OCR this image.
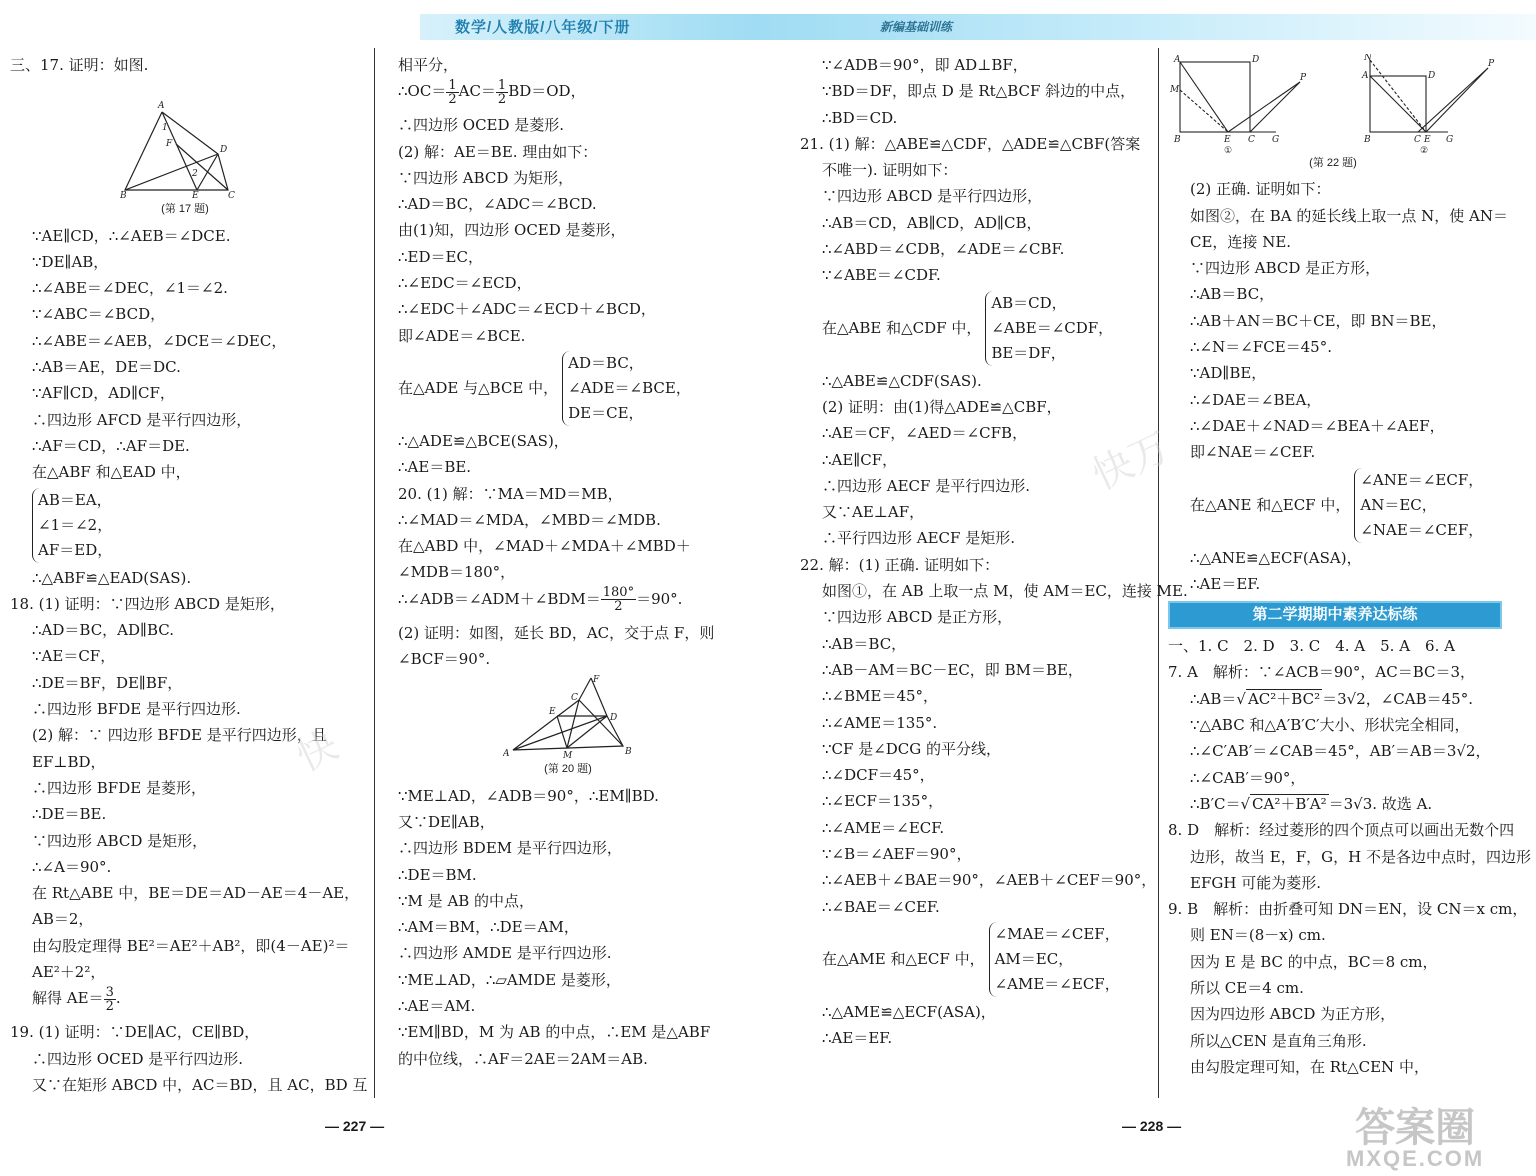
数学/人教版/八年级/下册	新编基础训练
三、17. 证明：如图.
A
1
F
D
2
B	E	C
(第 17 题)
∵AE∥CD，∴∠AEB＝∠DCE.
∵DE∥AB，
∴∠ABE＝∠DEC，∠1＝∠2.
∵∠ABC＝∠BCD，
∴∠ABE＝∠AEB，∠DCE＝∠DEC，
∴AB＝AE，DE＝DC.
∵AF∥CD，AD∥CF，
∴四边形 AFCD 是平行四边形，
∴AF＝CD，∴AF＝DE.
在△ABF 和△EAD 中，
AB＝EA，
∠1＝∠2，
AF＝ED，
∴△ABF≌△EAD(SAS).
18. (1) 证明：∵四边形 ABCD 是矩形，
∴AD＝BC，AD∥BC.
∵AE＝CF，
∴DE＝BF，DE∥BF，
∴四边形 BFDE 是平行四边形.
(2) 解：∵ 四边形 BFDE 是平行四边形，且
EF⊥BD，
∴四边形 BFDE 是菱形，
∴DE＝BE.
∵四边形 ABCD 是矩形，
∴∠A＝90°.
在 Rt△ABE 中，BE＝DE＝AD－AE＝4－AE，
AB＝2，
由勾股定理得 BE²＝AE²＋AB²，即(4－AE)²＝
AE²＋2²，
解得 $AE= \frac{3}{2}$ .
19. (1) 证明：∵DE∥AC，CE∥BD，
∴四边形 OCED 是平行四边形.
又∵在矩形 ABCD 中，AC＝BD，且 AC，BD 互
相平分，
∴OC＝ $\frac{1}{2} AC= \frac{1}{2} BD=OD$，
∴四边形 OCED 是菱形.
(2) 解：AE＝BE. 理由如下：
∵四边形 ABCD 为矩形，
∴AD＝BC，∠ADC＝∠BCD.
由(1)知，四边形 OCED 是菱形，
∴ED＝EC，
∴∠EDC＝∠ECD，
∴∠EDC＋∠ADC＝∠ECD＋∠BCD，
即∠ADE＝∠BCE.
在△ADE 与△BCE 中，
AD＝BC，
∠ADE＝∠BCE，
DE＝CE，
∴△ADE≌△BCE(SAS)，
∴AE＝BE.
20. (1) 解：∵MA＝MD＝MB，
∴∠MAD＝∠MDA，∠MBD＝∠MDB.
在△ABD 中，∠MAD＋∠MDA＋∠MBD＋
∠MDB＝180°，
∴∠ADB＝∠ADM＋∠BDM＝ $\frac{180^\circ}{2} =90^\circ$.
(2) 证明：如图，延长 BD，AC，交于点 F，则
∠BCF＝90°.
F
C
E
D
A	M	B
(第 20 题)
∵ME⊥AD，∠ADB＝90°，∴EM∥BD.
又∵DE∥AB，
∴四边形 BDEM 是平行四边形，
∴DE＝BM.
∵M 是 AB 的中点，
∴AM＝BM，∴DE＝AM，
∴四边形 AMDE 是平行四边形.
∵ME⊥AD，∴▱AMDE 是菱形，
∴AE＝AM.
∵EM∥BD，M 为 AB 的中点，∴EM 是△ABF
的中位线，∴AF＝2AE＝2AM＝AB.
∵∠ADB＝90°，即 AD⊥BF，
∵BD＝DF，即点 D 是 Rt△BCF 斜边的中点，
∴BD＝CD.
21. (1) 解：△ABE≌△CDF，△ADE≌△CBF(答案
不唯一). 证明如下：
∵四边形 ABCD 是平行四边形，
∴AB＝CD，AB∥CD，AD∥CB，
∴∠ABD＝∠CDB，∠ADE＝∠CBF.
∵∠ABE＝∠CDF.
在△ABE 和△CDF 中，
AB＝CD，
∠ABE＝∠CDF，
BE＝DF，
∴△ABE≌△CDF(SAS).
(2) 证明：由(1)得△ADE≌△CBF，
∴AE＝CF，∠AED＝∠CFB，
∴AE∥CF，
∴四边形 AECF 是平行四边形.
又∵AE⊥AF，
∴平行四边形 AECF 是矩形.
22. 解：(1) 正确. 证明如下：
如图①，在 AB 上取一点 M，使 AM＝EC，连接 ME.
∵四边形 ABCD 是正方形，
∴AB＝BC，
∴AB－AM＝BC－EC，即 BM＝BE，
∴∠BME＝45°，
∴∠AME＝135°.
∵CF 是∠DCG 的平分线，
∴∠DCF＝45°，
∴∠ECF＝135°，
∴∠AME＝∠ECF.
∵∠B＝∠AEF＝90°，
∴∠AEB＋∠BAE＝90°，∠AEB＋∠CEF＝90°，
∴∠BAE＝∠CEF.
在△AME 和△ECF 中，
∠MAE＝∠CEF，
AM＝EC，
∠AME＝∠ECF，
∴△AME≌△ECF(ASA)，
∴AE＝EF.
A	D
M
P
B	E C G
①
N
A	D
P
B	C E G
②
(第 22 题)
(2) 正确. 证明如下：
如图②，在 BA 的延长线上取一点 N，使 AN＝
CE，连接 NE.
∵四边形 ABCD 是正方形，
∴AB＝BC，
∴AB＋AN＝BC＋CE，即 BN＝BE，
∴∠N＝∠FCE＝45°.
∵AD∥BE，
∴∠DAE＝∠BEA，
∴∠DAE＋∠NAD＝∠BEA＋∠AEF，
即∠NAE＝∠CEF.
在△ANE 和△ECF 中，
∠ANE＝∠ECF，
AN＝EC，
∠NAE＝∠CEF，
∴△ANE≌△ECF(ASA)，
∴AE＝EF.
第二学期期中素养达标练
一、1. C　2. D　3. C　4. A　5. A　6. A
7. A　解析：∵∠ACB＝90°，AC＝BC＝3，
∴AB＝√ AC²＋BC² ＝3√2，∠CAB＝45°.
∵△ABC 和△A′B′C′大小、形状完全相同，
∴∠C′AB′＝∠CAB＝45°，AB′＝AB＝3√2，
∴∠CAB′＝90°，
∴B′C＝√ CA²＋B′A² ＝3√3. 故选 A.
8. D　解析：经过菱形的四个顶点可以画出无数个四
边形，故当 E，F，G，H 不是各边中点时，四边形
EFGH 可能为菱形.
9. B　解析：由折叠可知 DN＝EN，设 CN＝x cm，
则 EN＝(8－x) cm.
因为 E 是 BC 的中点，BC＝8 cm，
所以 CE＝4 cm.
因为四边形 ABCD 为正方形，
所以△CEN 是直角三角形.
由勾股定理可知，在 Rt△CEN 中，
快
快万
答案圈
MXQE.COM
— 227 —	— 228 —
